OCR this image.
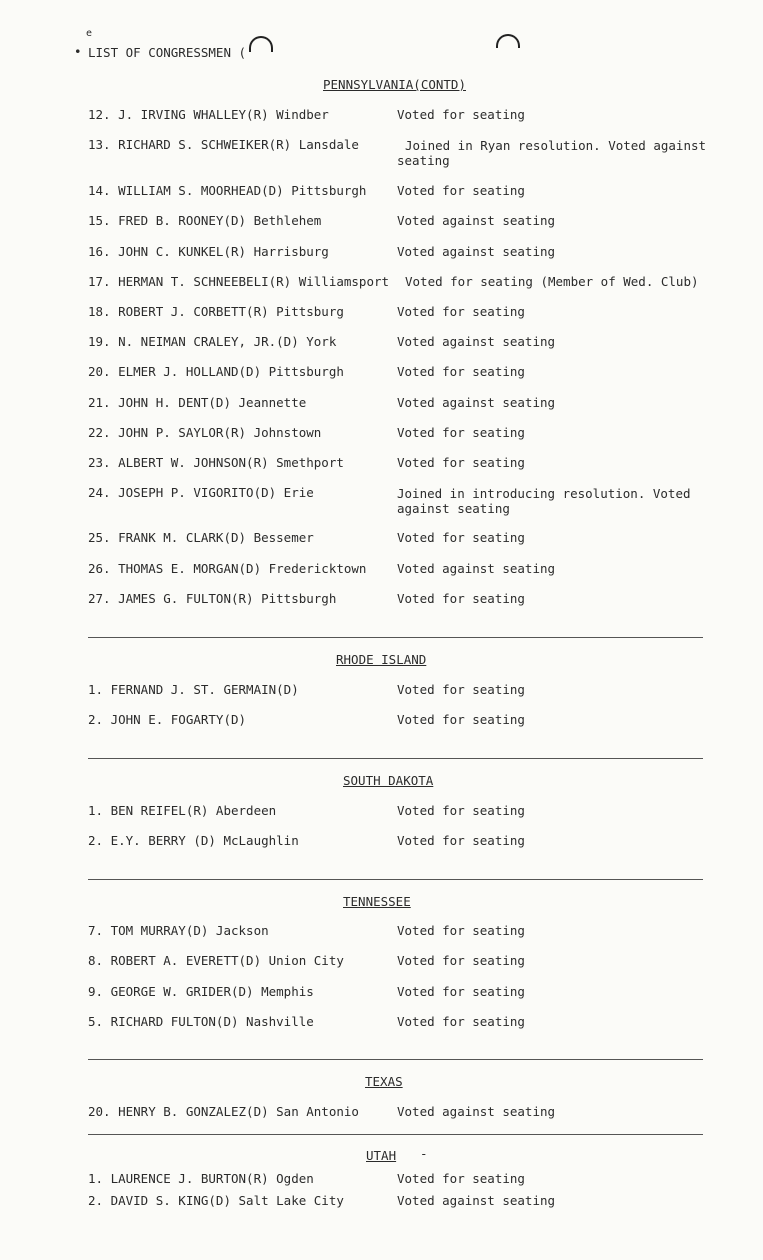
e
• LIST OF CONGRESSMEN (
PENNSYLVANIA(CONTD)
12. J. IRVING WHALLEY(R) Windber	Voted for seating
13. RICHARD S. SCHWEIKER(R) Lansdale	Joined in Ryan resolution. Voted against seating
14. WILLIAM S. MOORHEAD(D) Pittsburgh Voted for seating
15. FRED B. ROONEY(D) Bethlehem	Voted against seating
16. JOHN C. KUNKEL(R) Harrisburg	Voted against seating
17. HERMAN T. SCHNEEBELI(R) Williamsport Voted for seating (Member of Wed. Club)
18. ROBERT J. CORBETT(R) Pittsburg	Voted for seating
19. N. NEIMAN CRALEY, JR.(D) York	Voted against seating
20. ELMER J. HOLLAND(D) Pittsburgh	Voted for seating
21. JOHN H. DENT(D) Jeannette	Voted against seating
22. JOHN P. SAYLOR(R) Johnstown	Voted for seating
23. ALBERT W. JOHNSON(R) Smethport	Voted for seating
24. JOSEPH P. VIGORITO(D) Erie	Joined in introducing resolution. Voted against seating
25. FRANK M. CLARK(D) Bessemer	Voted for seating
26. THOMAS E. MORGAN(D) Fredericktown Voted against seating
27. JAMES G. FULTON(R) Pittsburgh	Voted for seating
RHODE ISLAND
1. FERNAND J. ST. GERMAIN(D)	Voted for seating
2. JOHN E. FOGARTY(D)	Voted for seating
SOUTH DAKOTA
1. BEN REIFEL(R) Aberdeen	Voted for seating
2. E.Y. BERRY (D) McLaughlin	Voted for seating
TENNESSEE
7. TOM MURRAY(D) Jackson	Voted for seating
8. ROBERT A. EVERETT(D) Union City	Voted for seating
9. GEORGE W. GRIDER(D) Memphis	Voted for seating
5. RICHARD FULTON(D) Nashville	Voted for seating
TEXAS
20. HENRY B. GONZALEZ(D) San Antonio	Voted against seating
UTAH -
1. LAURENCE J. BURTON(R) Ogden	Voted for seating
2. DAVID S. KING(D) Salt Lake City	Voted against seating
